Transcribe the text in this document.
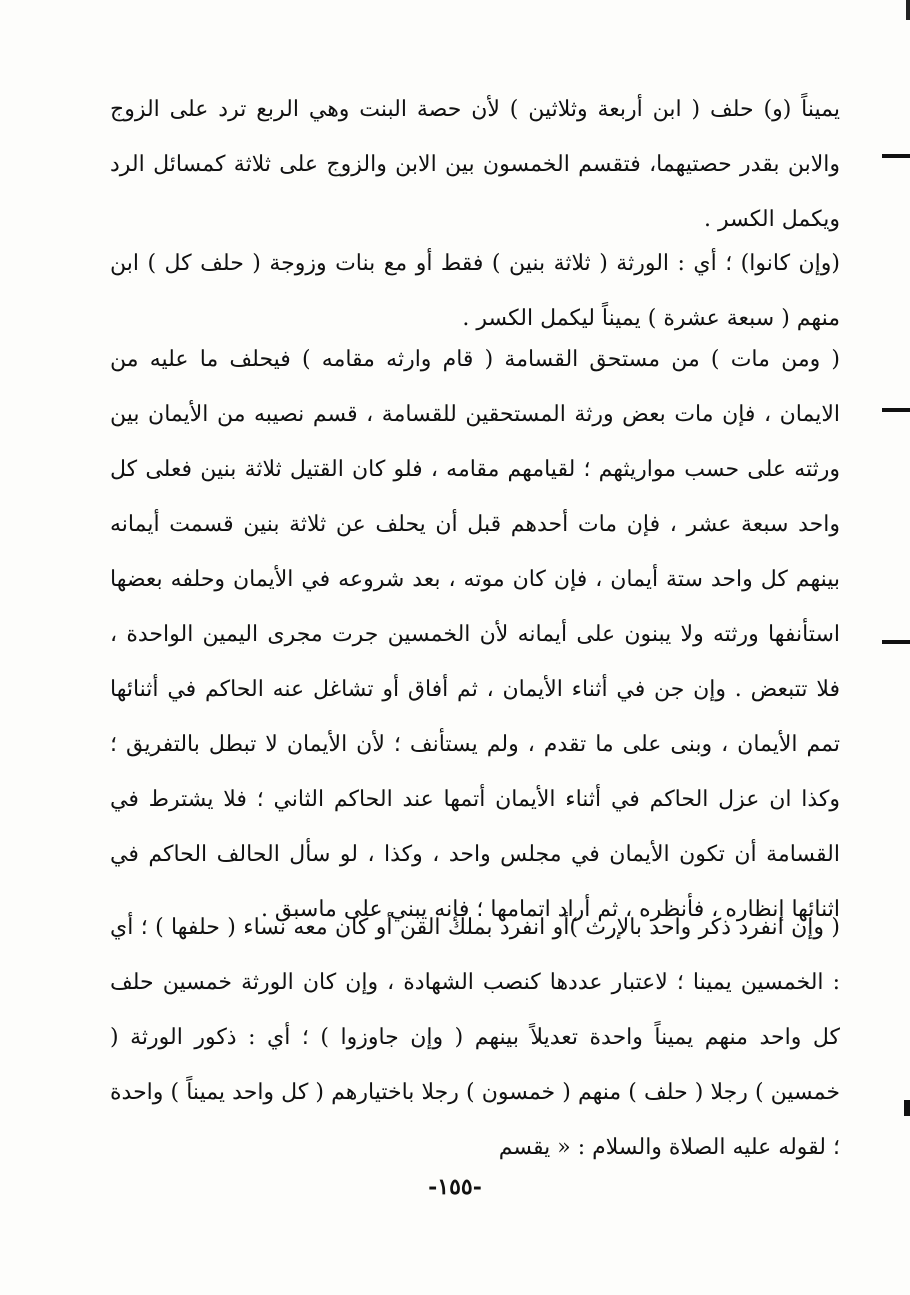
يميناً (و) حلف ( ابن أربعة وثلاثين ) لأن حصة البنت وهي الربع ترد على الزوج والابن بقدر حصتيهما، فتقسم الخمسون بين الابن والزوج على ثلاثة كمسائل الرد ويكمل الكسر .

(وإن كانوا) ؛ أي : الورثة ( ثلاثة بنين ) فقط أو مع بنات وزوجة ( حلف كل ) ابن منهم ( سبعة عشرة ) يميناً ليكمل الكسر .

( ومن مات ) من مستحق القسامة ( قام وارثه مقامه ) فيحلف ما عليه من الايمان ، فإن مات بعض ورثة المستحقين للقسامة ، قسم نصيبه من الأيمان بين ورثته على حسب مواريثهم ؛ لقيامهم مقامه ، فلو كان القتيل ثلاثة بنين فعلى كل واحد سبعة عشر ، فإن مات أحدهم قبل أن يحلف عن ثلاثة بنين قسمت أيمانه بينهم كل واحد ستة أيمان ، فإن كان موته ، بعد شروعه في الأيمان وحلفه بعضها استأنفها ورثته ولا يبنون على أيمانه لأن الخمسين جرت مجرى اليمين الواحدة ، فلا تتبعض . وإن جن في أثناء الأيمان ، ثم أفاق أو تشاغل عنه الحاكم في أثنائها تمم الأيمان ، وبنى على ما تقدم ، ولم يستأنف ؛ لأن الأيمان لا تبطل بالتفريق ؛ وكذا ان عزل الحاكم في أثناء الأيمان أتمها عند الحاكم الثاني ؛ فلا يشترط في القسامة أن تكون الأيمان في مجلس واحد ، وكذا ، لو سأل الحالف الحاكم في اثنائها إنظاره ، فأنظره ، ثم أراد اتمامها ؛ فإنه يبني على ماسبق .

( وإن انفرد ذكر واحد بالإرث )أو انفرد بملك القن أو كان معه نساء ( حلفها ) ؛ أي : الخمسين يمينا ؛ لاعتبار عددها كنصب الشهادة ، وإن كان الورثة خمسين حلف كل واحد منهم يميناً واحدة تعديلاً بينهم ( وإن جاوزوا ) ؛ أي : ذكور الورثة ( خمسين ) رجلا ( حلف ) منهم ( خمسون ) رجلا باختيارهم ( كل واحد يميناً ) واحدة ؛ لقوله عليه الصلاة والسلام : « يقسم

-١٥٥-
